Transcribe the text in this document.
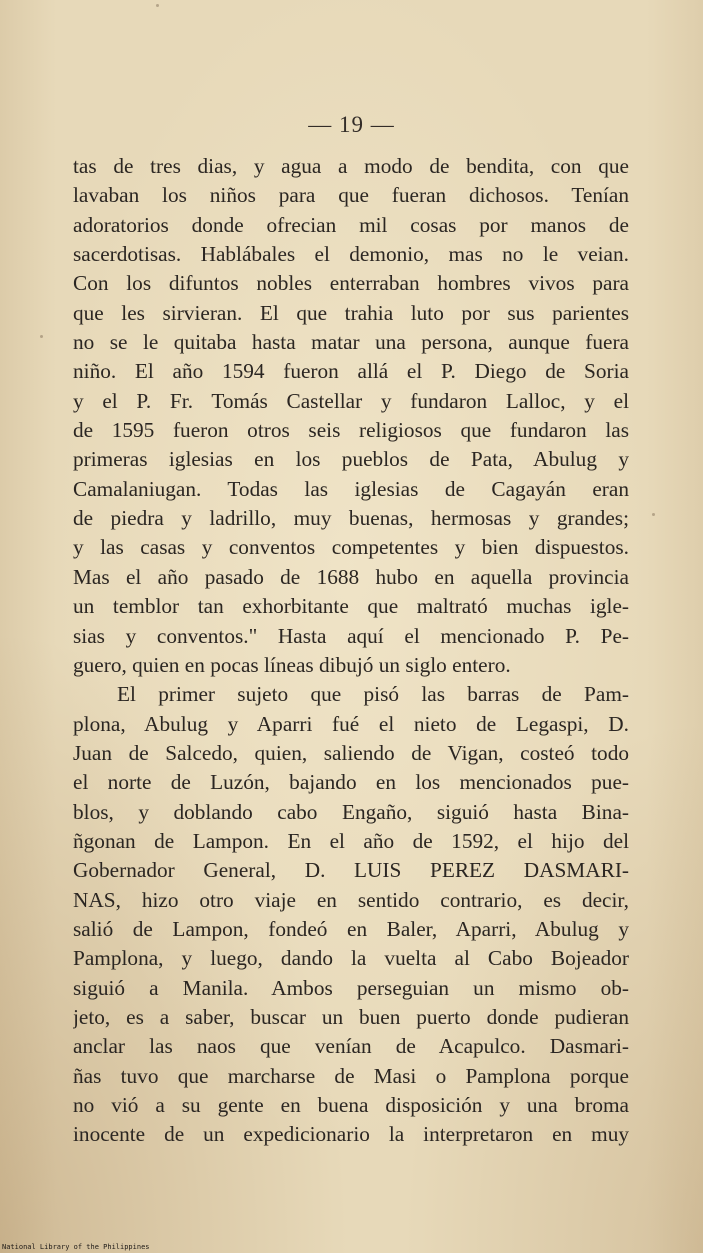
— 19 —
tas de tres dias, y agua a modo de bendita, con que
lavaban los niños para que fueran dichosos. Tenían
adoratorios donde ofrecian mil cosas por manos de
sacerdotisas. Hablábales el demonio, mas no le veian.
Con los difuntos nobles enterraban hombres vivos para
que les sirvieran. El que trahia luto por sus parientes
no se le quitaba hasta matar una persona, aunque fuera
niño. El año 1594 fueron allá el P. Diego de Soria
y el P. Fr. Tomás Castellar y fundaron Lalloc, y el
de 1595 fueron otros seis religiosos que fundaron las
primeras iglesias en los pueblos de Pata, Abulug y
Camalaniugan. Todas las iglesias de Cagayán eran
de piedra y ladrillo, muy buenas, hermosas y grandes;
y las casas y conventos competentes y bien dispuestos.
Mas el año pasado de 1688 hubo en aquella provincia
un temblor tan exhorbitante que maltrató muchas igle-
sias y conventos." Hasta aquí el mencionado P. Pe-
guero, quien en pocas líneas dibujó un siglo entero.
El primer sujeto que pisó las barras de Pam-
plona, Abulug y Aparri fué el nieto de Legaspi, D.
Juan de Salcedo, quien, saliendo de Vigan, costeó todo
el norte de Luzón, bajando en los mencionados pue-
blos, y doblando cabo Engaño, siguió hasta Bina-
ñgonan de Lampon. En el año de 1592, el hijo del
Gobernador General, D. LUIS PEREZ DASMARI-
NAS, hizo otro viaje en sentido contrario, es decir,
salió de Lampon, fondeó en Baler, Aparri, Abulug y
Pamplona, y luego, dando la vuelta al Cabo Bojeador
siguió a Manila. Ambos perseguian un mismo ob-
jeto, es a saber, buscar un buen puerto donde pudieran
anclar las naos que venían de Acapulco. Dasmari-
ñas tuvo que marcharse de Masi o Pamplona porque
no vió a su gente en buena disposición y una broma
inocente de un expedicionario la interpretaron en muy
National Library of the Philippines
